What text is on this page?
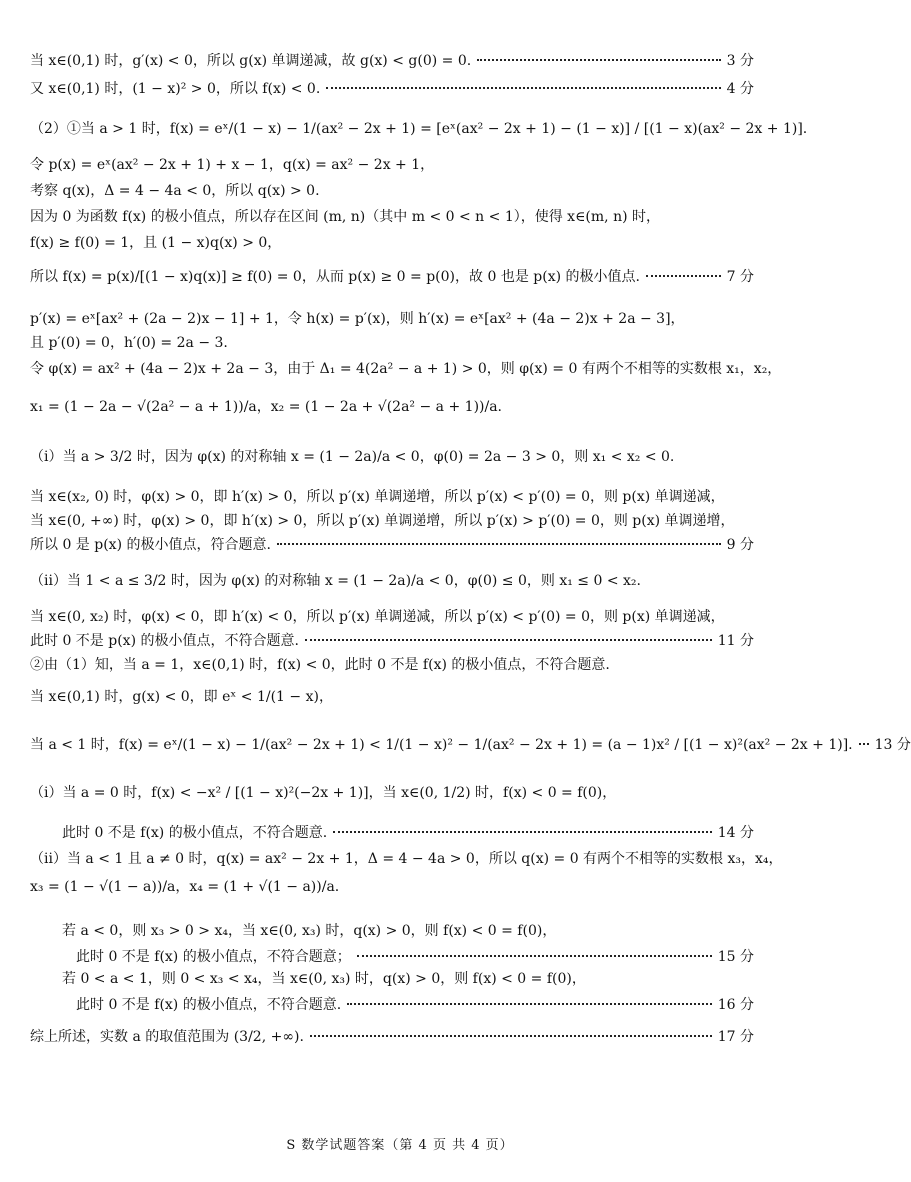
当 x∈(0,1) 时，g′(x) < 0，所以 g(x) 单调递减，故 g(x) < g(0) = 0.	3 分
又 x∈(0,1) 时，(1 − x)² > 0，所以 f(x) < 0.	4 分
（2）①当 a > 1 时，f(x) = eˣ/(1 − x) − 1/(ax² − 2x + 1) = [eˣ(ax² − 2x + 1) − (1 − x)] / [(1 − x)(ax² − 2x + 1)].
令 p(x) = eˣ(ax² − 2x + 1) + x − 1，q(x) = ax² − 2x + 1，
考察 q(x)，Δ = 4 − 4a < 0，所以 q(x) > 0.
因为 0 为函数 f(x) 的极小值点，所以存在区间 (m, n)（其中 m < 0 < n < 1），使得 x∈(m, n) 时，
f(x) ≥ f(0) = 1，且 (1 − x)q(x) > 0，
所以 f(x) = p(x)/[(1 − x)q(x)] ≥ f(0) = 0，从而 p(x) ≥ 0 = p(0)，故 0 也是 p(x) 的极小值点.	7 分
p′(x) = eˣ[ax² + (2a − 2)x − 1] + 1，令 h(x) = p′(x)，则 h′(x) = eˣ[ax² + (4a − 2)x + 2a − 3]，
且 p′(0) = 0，h′(0) = 2a − 3.
令 φ(x) = ax² + (4a − 2)x + 2a − 3，由于 Δ₁ = 4(2a² − a + 1) > 0，则 φ(x) = 0 有两个不相等的实数根 x₁，x₂，
x₁ = (1 − 2a − √(2a² − a + 1))/a，x₂ = (1 − 2a + √(2a² − a + 1))/a.
（i）当 a > 3/2 时，因为 φ(x) 的对称轴 x = (1 − 2a)/a < 0，φ(0) = 2a − 3 > 0，则 x₁ < x₂ < 0.
当 x∈(x₂, 0) 时，φ(x) > 0，即 h′(x) > 0，所以 p′(x) 单调递增，所以 p′(x) < p′(0) = 0，则 p(x) 单调递减，
当 x∈(0, +∞) 时，φ(x) > 0，即 h′(x) > 0，所以 p′(x) 单调递增，所以 p′(x) > p′(0) = 0，则 p(x) 单调递增，
所以 0 是 p(x) 的极小值点，符合题意.	9 分
（ii）当 1 < a ≤ 3/2 时，因为 φ(x) 的对称轴 x = (1 − 2a)/a < 0，φ(0) ≤ 0，则 x₁ ≤ 0 < x₂.
当 x∈(0, x₂) 时，φ(x) < 0，即 h′(x) < 0，所以 p′(x) 单调递减，所以 p′(x) < p′(0) = 0，则 p(x) 单调递减，
此时 0 不是 p(x) 的极小值点，不符合题意.	11 分
②由（1）知，当 a = 1，x∈(0,1) 时，f(x) < 0，此时 0 不是 f(x) 的极小值点，不符合题意.
当 x∈(0,1) 时，g(x) < 0，即 eˣ < 1/(1 − x)，
当 a < 1 时，f(x) = eˣ/(1 − x) − 1/(ax² − 2x + 1) < 1/(1 − x)² − 1/(ax² − 2x + 1) = (a − 1)x² / [(1 − x)²(ax² − 2x + 1)]. 13 分
（i）当 a = 0 时，f(x) < −x² / [(1 − x)²(−2x + 1)]，当 x∈(0, 1/2) 时，f(x) < 0 = f(0)，
此时 0 不是 f(x) 的极小值点，不符合题意.	14 分
（ii）当 a < 1 且 a ≠ 0 时，q(x) = ax² − 2x + 1，Δ = 4 − 4a > 0，所以 q(x) = 0 有两个不相等的实数根 x₃，x₄，
x₃ = (1 − √(1 − a))/a，x₄ = (1 + √(1 − a))/a.
若 a < 0，则 x₃ > 0 > x₄，当 x∈(0, x₃) 时，q(x) > 0，则 f(x) < 0 = f(0)，
此时 0 不是 f(x) 的极小值点，不符合题意；	15 分
若 0 < a < 1，则 0 < x₃ < x₄，当 x∈(0, x₃) 时，q(x) > 0，则 f(x) < 0 = f(0)，
此时 0 不是 f(x) 的极小值点，不符合题意.	16 分
综上所述，实数 a 的取值范围为 (3/2, +∞).	17 分
S 数学试题答案（第 4 页 共 4 页）
